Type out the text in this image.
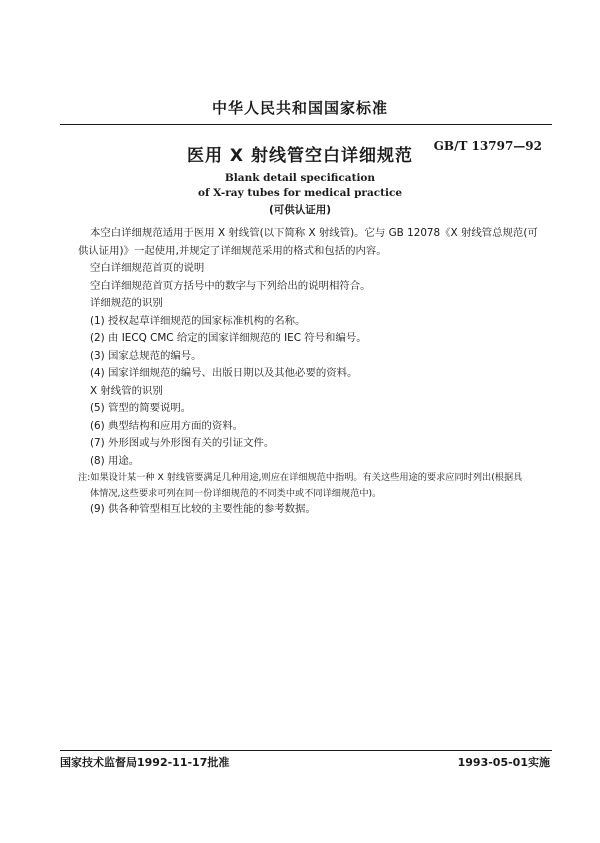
中华人民共和国国家标准
医用 X 射线管空白详细规范	GB/T 13797—92
Blank detail specification
of X-ray tubes for medical practice
(可供认证用)

本空白详细规范适用于医用 X 射线管(以下简称 X 射线管)。它与 GB 12078《X 射线管总规范(可

供认证用)》一起使用,并规定了详细规范采用的格式和包括的内容。

空白详细规范首页的说明

空白详细规范首页方括号中的数字与下列给出的说明相符合。

详细规范的识别

(1) 授权起草详细规范的国家标准机构的名称。

(2) 由 IECQ CMC 给定的国家详细规范的 IEC 符号和编号。

(3) 国家总规范的编号。

(4) 国家详细规范的编号、出版日期以及其他必要的资料。

X 射线管的识别

(5) 管型的简要说明。

(6) 典型结构和应用方面的资料。

(7) 外形图或与外形图有关的引证文件。

(8) 用途。

注:如果设计某一种 X 射线管要满足几种用途,则应在详细规范中指明。有关这些用途的要求应同时列出(根据具

体情况,这些要求可列在同一份详细规范的不同类中或不同详细规范中)。

(9) 供各种管型相互比较的主要性能的参考数据。

国家技术监督局1992-11-17批准	1993-05-01实施
